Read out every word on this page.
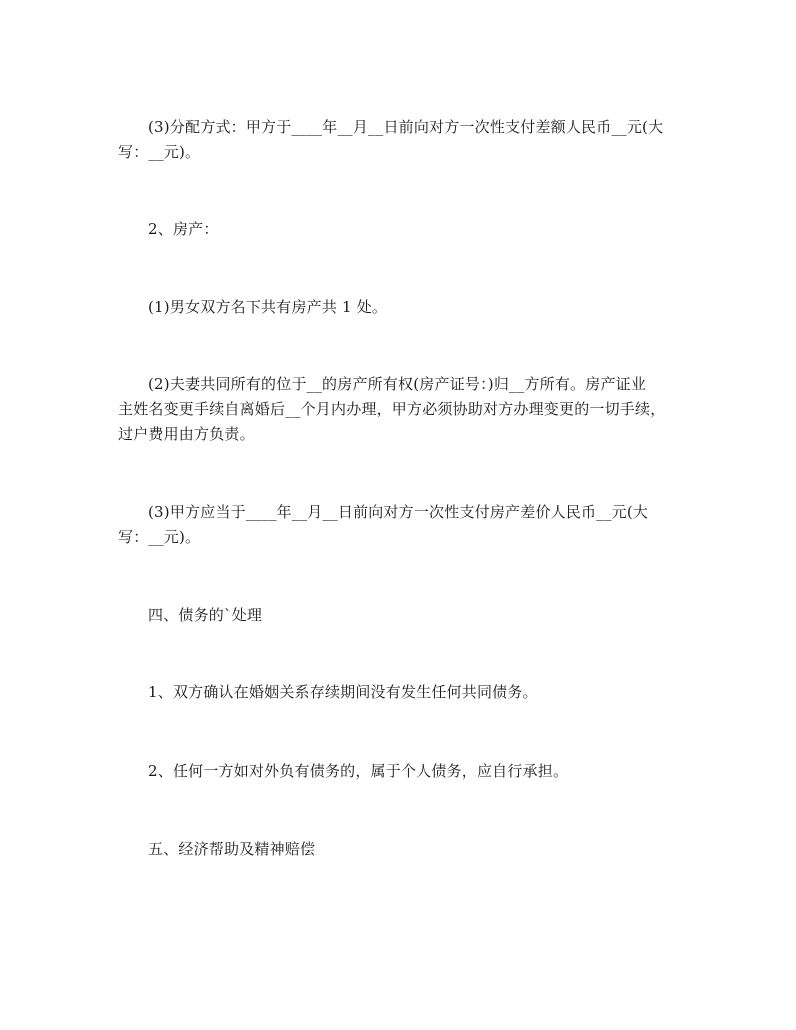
(3)分配方式：甲方于____年__月__日前向对方一次性支付差额人民币__元(大
写：__元)。

2、房产：

(1)男女双方名下共有房产共 1 处。

(2)夫妻共同所有的位于__的房产所有权(房产证号：)归__方所有。房产证业
主姓名变更手续自离婚后__个月内办理，甲方必须协助对方办理变更的一切手续，
过户费用由方负责。

(3)甲方应当于____年__月__日前向对方一次性支付房产差价人民币__元(大
写：__元)。

四、债务的`处理

1、双方确认在婚姻关系存续期间没有发生任何共同债务。

2、任何一方如对外负有债务的，属于个人债务，应自行承担。

五、经济帮助及精神赔偿
